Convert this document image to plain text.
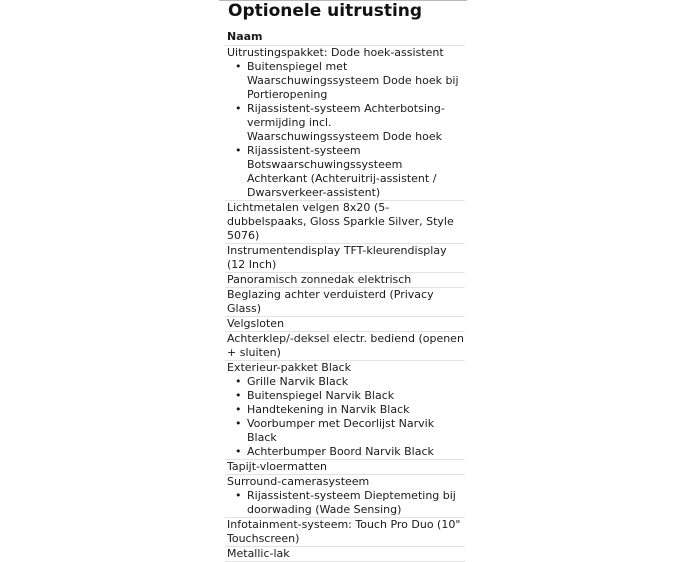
Optionele uitrusting
Naam
Uitrustingspakket: Dode hoek-assistent
• Buitenspiegel met Waarschuwingssysteem Dode hoek bij Portieropening
• Rijassistent-systeem Achterbotsing-vermijding incl. Waarschuwingssysteem Dode hoek
• Rijassistent-systeem Botswaarschuwingssysteem Achterkant (Achteruitrij-assistent / Dwarsverkeer-assistent)
Lichtmetalen velgen 8x20 (5-dubbelspaaks, Gloss Sparkle Silver, Style 5076)
Instrumentendisplay TFT-kleurendisplay (12 Inch)
Panoramisch zonnedak elektrisch
Beglazing achter verduisterd (Privacy Glass)
Velgsloten
Achterklep/-deksel electr. bediend (openen + sluiten)
Exterieur-pakket Black
• Grille Narvik Black
• Buitenspiegel Narvik Black
• Handtekening in Narvik Black
• Voorbumper met Decorlijst Narvik Black
• Achterbumper Boord Narvik Black
Tapijt-vloermatten
Surround-camerasysteem
• Rijassistent-systeem Dieptemeting bij doorwading (Wade Sensing)
Infotainment-systeem: Touch Pro Duo (10" Touchscreen)
Metallic-lak
